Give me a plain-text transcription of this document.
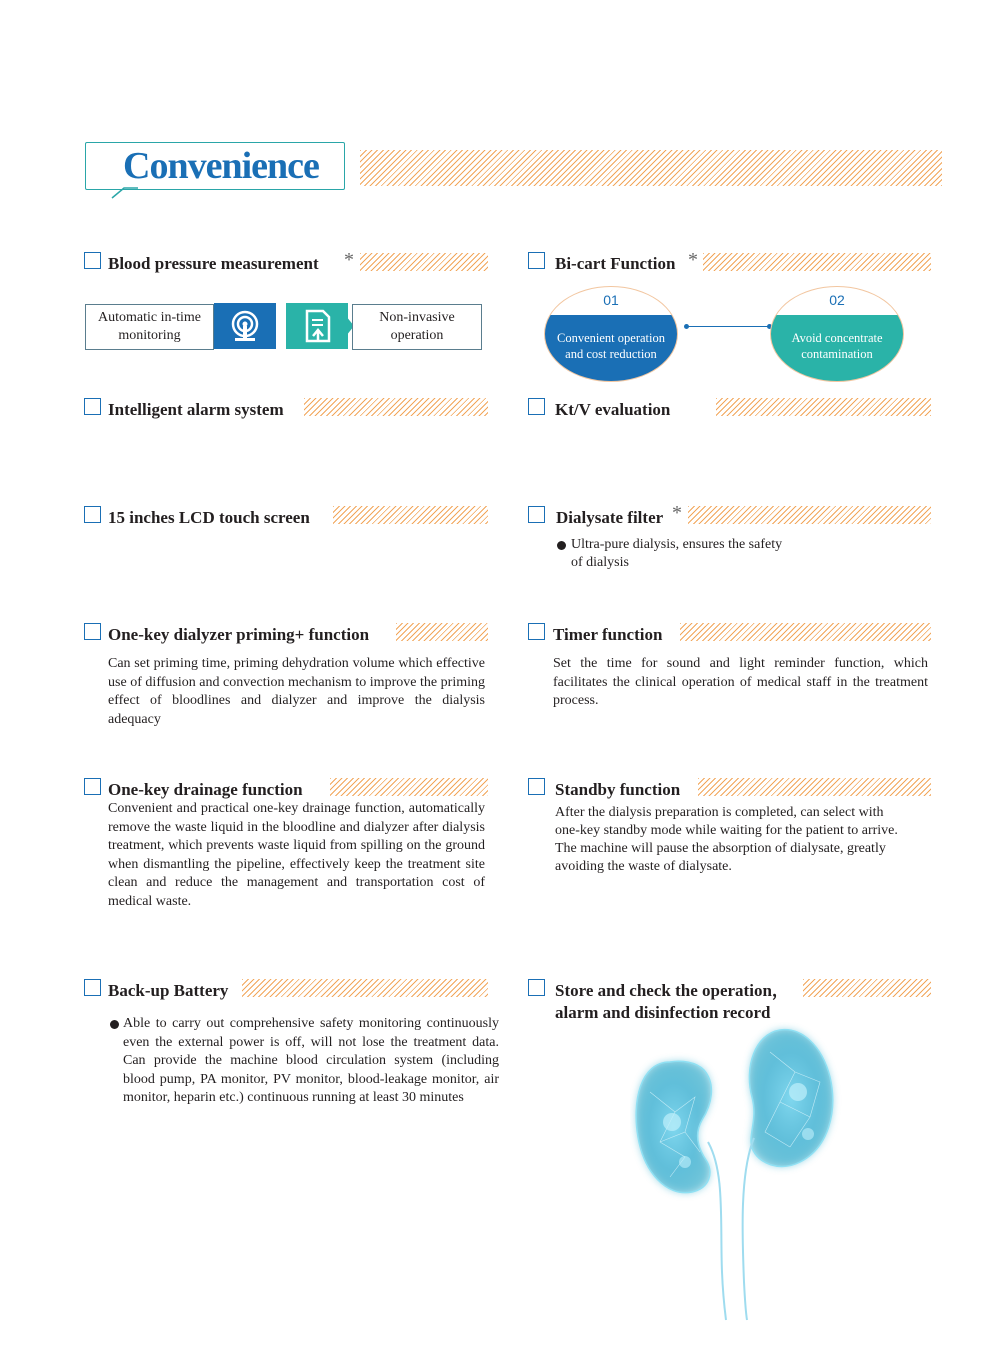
Convenience
Blood pressure measurement *
Automatic in-time
monitoring
Non-invasive
operation
Bi-cart Function *
01
Convenient operation
and cost reduction
02
Avoid concentrate
contamination
Intelligent alarm system	Kt/V evaluation
15 inches LCD touch screen	Dialysate filter *
Ultra-pure dialysis, ensures the safety
of dialysis
One-key dialyzer priming+ function
Can set priming time, priming dehydration volume which effective use of diffusion and convection mechanism to improve the priming effect of bloodlines and dialyzer and improve the dialysis adequacy
Timer function
Set the time for sound and light reminder function, which facilitates the clinical operation of medical staff in the treatment process.
One-key drainage function
Convenient and practical one-key drainage function, automatically remove the waste liquid in the bloodline and dialyzer after dialysis treatment, which prevents waste liquid from spilling on the ground when dismantling the pipeline, effectively keep the treatment site clean and reduce the management and transportation cost of medical waste.
Standby function
After the dialysis preparation is completed, can select with
one-key standby mode while waiting for the patient to arrive.
The machine will pause the absorption of dialysate, greatly
avoiding the waste of dialysate.
Back-up Battery
Able to carry out comprehensive safety monitoring continuously even the external power is off, will not lose the treatment data. Can provide the machine blood circulation system (including blood pump, PA monitor, PV monitor, blood-leakage monitor, air monitor, heparin etc.) continuous running at least 30 minutes
Store and check the operation，
alarm and disinfection record
